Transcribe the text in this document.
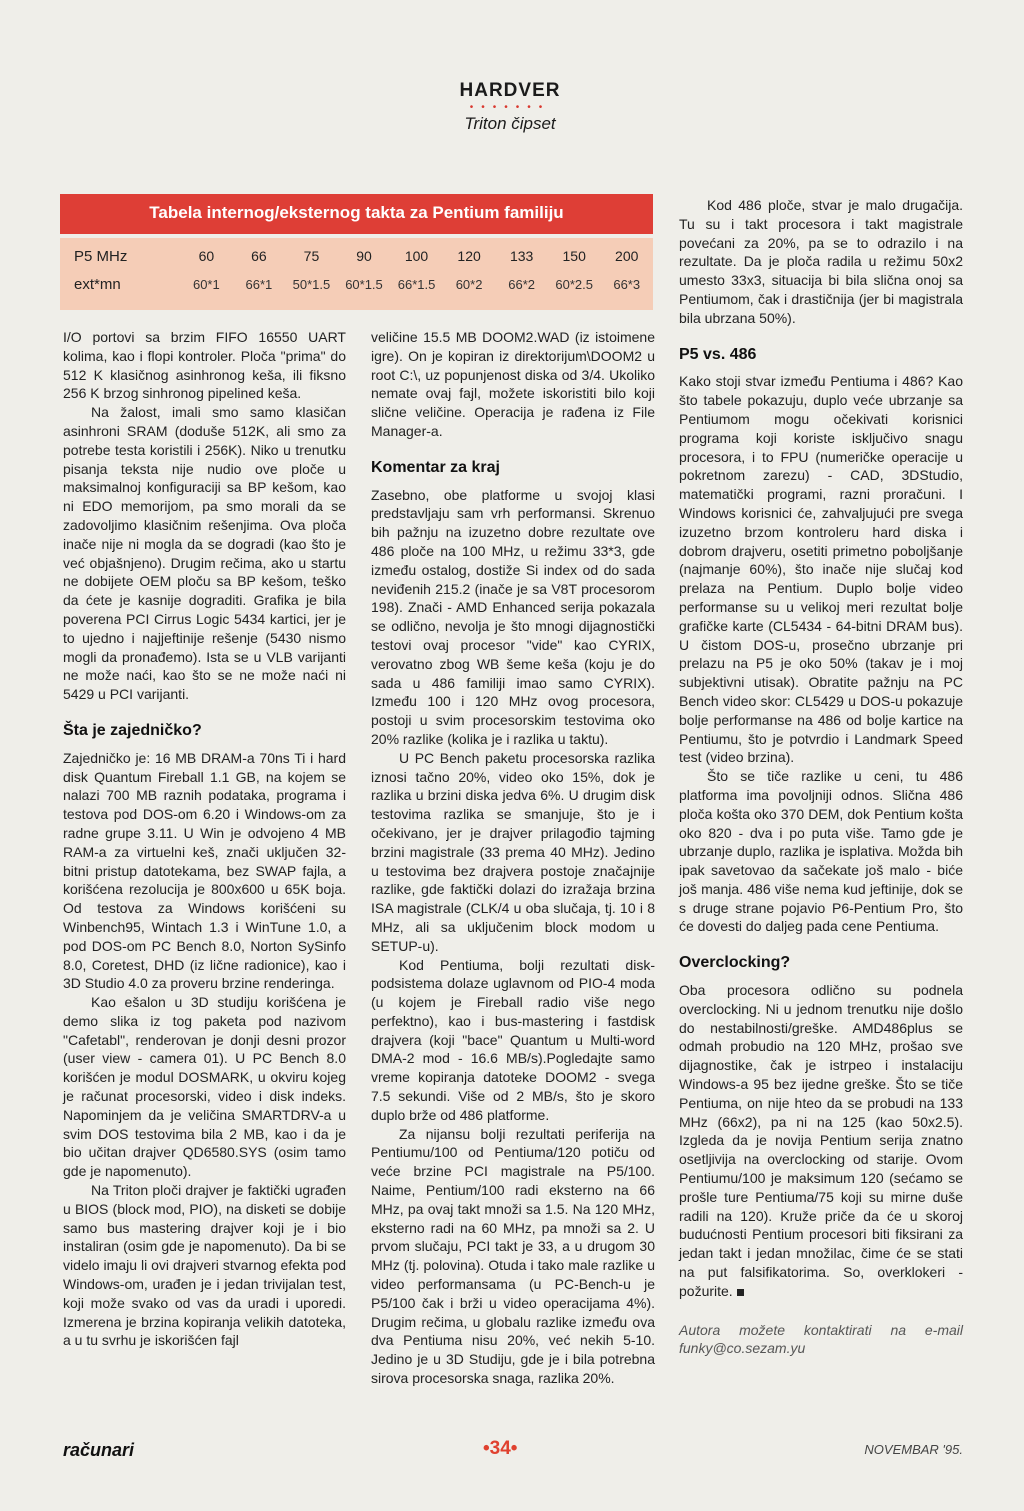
HARDVER
•••••••
Triton čipset
Tabela internog/eksternog takta za Pentium familiju
P5 MHz	60	66	75	90	100	120	133	150	200
ext*mn	60*1	66*1	50*1.5	60*1.5	66*1.5	60*2	66*2	60*2.5	66*3

I/O portovi sa brzim FIFO 16550 UART kolima, kao i flopi kontroler. Ploča "prima" do 512 K klasičnog asinhronog keša, ili fiksno 256 K brzog sinhronog pipelined keša.

Na žalost, imali smo samo klasičan asinhroni SRAM (doduše 512K, ali smo za potrebe testa koristili i 256K). Niko u trenutku pisanja teksta nije nudio ove ploče u maksimalnoj konfiguraciji sa BP kešom, kao ni EDO memorijom, pa smo morali da se zadovoljimo klasičnim rešenjima. Ova ploča inače nije ni mogla da se dogradi (kao što je već objašnjeno). Drugim rečima, ako u startu ne dobijete OEM ploču sa BP kešom, teško da ćete je kasnije dograditi. Grafika je bila poverena PCI Cirrus Logic 5434 kartici, jer je to ujedno i najjeftinije rešenje (5430 nismo mogli da pronađemo). Ista se u VLB varijanti ne može naći, kao što se ne može naći ni 5429 u PCI varijanti.

Šta je zajedničko?

Zajedničko je: 16 MB DRAM-a 70ns Ti i hard disk Quantum Fireball 1.1 GB, na kojem se nalazi 700 MB raznih podataka, programa i testova pod DOS-om 6.20 i Windows-om za radne grupe 3.11. U Win je odvojeno 4 MB RAM-a za virtuelni keš, znači uključen 32-bitni pristup datotekama, bez SWAP fajla, a korišćena rezolucija je 800x600 u 65K boja. Od testova za Windows korišćeni su Winbench95, Wintach 1.3 i WinTune 1.0, a pod DOS-om PC Bench 8.0, Norton SySinfo 8.0, Coretest, DHD (iz lične radionice), kao i 3D Studio 4.0 za proveru brzine renderinga.

Kao ešalon u 3D studiju korišćena je demo slika iz tog paketa pod nazivom "Cafetabl", renderovan je donji desni prozor (user view - camera 01). U PC Bench 8.0 korišćen je modul DOSMARK, u okviru kojeg je računat procesorski, video i disk indeks. Napominjem da je veličina SMARTDRV-a u svim DOS testovima bila 2 MB, kao i da je bio učitan drajver QD6580.SYS (osim tamo gde je napomenuto).

Na Triton ploči drajver je faktički ugrađen u BIOS (block mod, PIO), na disketi se dobije samo bus mastering drajver koji je i bio instaliran (osim gde je napomenuto). Da bi se videlo imaju li ovi drajveri stvarnog efekta pod Windows-om, urađen je i jedan trivijalan test, koji može svako od vas da uradi i uporedi. Izmerena je brzina kopiranja velikih datoteka, a u tu svrhu je iskorišćen fajl

veličine 15.5 MB DOOM2.WAD (iz istoimene igre). On je kopiran iz direktorijum\DOOM2 u root C:\, uz popunjenost diska od 3/4. Ukoliko nemate ovaj fajl, možete iskoristiti bilo koji slične veličine. Operacija je rađena iz File Manager-a.

Komentar za kraj

Zasebno, obe platforme u svojoj klasi predstavljaju sam vrh performansi. Skrenuo bih pažnju na izuzetno dobre rezultate ove 486 ploče na 100 MHz, u režimu 33*3, gde između ostalog, dostiže Si index od do sada neviđenih 215.2 (inače je sa V8T procesorom 198). Znači - AMD Enhanced serija pokazala se odlično, nevolja je što mnogi dijagnostički testovi ovaj procesor "vide" kao CYRIX, verovatno zbog WB šeme keša (koju je do sada u 486 familiji imao samo CYRIX). Između 100 i 120 MHz ovog procesora, postoji u svim procesorskim testovima oko 20% razlike (kolika je i razlika u taktu).

U PC Bench paketu procesorska razlika iznosi tačno 20%, video oko 15%, dok je razlika u brzini diska jedva 6%. U drugim disk testovima razlika se smanjuje, što je i očekivano, jer je drajver prilagođio tajming brzini magistrale (33 prema 40 MHz). Jedino u testovima bez drajvera postoje značajnije razlike, gde faktički dolazi do izražaja brzina ISA magistrale (CLK/4 u oba slučaja, tj. 10 i 8 MHz, ali sa uključenim block modom u SETUP-u).

Kod Pentiuma, bolji rezultati disk-podsistema dolaze uglavnom od PIO-4 moda (u kojem je Fireball radio više nego perfektno), kao i bus-mastering i fastdisk drajvera (koji "bace" Quantum u Multi-word DMA-2 mod - 16.6 MB/s).Pogledajte samo vreme kopiranja datoteke DOOM2 - svega 7.5 sekundi. Više od 2 MB/s, što je skoro duplo brže od 486 platforme.

Za nijansu bolji rezultati periferija na Pentiumu/100 od Pentiuma/120 potiču od veće brzine PCI magistrale na P5/100. Naime, Pentium/100 radi eksterno na 66 MHz, pa ovaj takt množi sa 1.5. Na 120 MHz, eksterno radi na 60 MHz, pa množi sa 2. U prvom slučaju, PCI takt je 33, a u drugom 30 MHz (tj. polovina). Otuda i tako male razlike u video performansama (u PC-Bench-u je P5/100 čak i brži u video operacijama 4%). Drugim rečima, u globalu razlike između ova dva Pentiuma nisu 20%, već nekih 5-10. Jedino je u 3D Studiju, gde je i bila potrebna sirova procesorska snaga, razlika 20%.

Kod 486 ploče, stvar je malo drugačija. Tu su i takt procesora i takt magistrale povećani za 20%, pa se to odrazilo i na rezultate. Da je ploča radila u režimu 50x2 umesto 33x3, situacija bi bila slična onoj sa Pentiumom, čak i drastičnija (jer bi magistrala bila ubrzana 50%).

P5 vs. 486

Kako stoji stvar između Pentiuma i 486? Kao što tabele pokazuju, duplo veće ubrzanje sa Pentiumom mogu očekivati korisnici programa koji koriste isključivo snagu procesora, i to FPU (numeričke operacije u pokretnom zarezu) - CAD, 3DStudio, matematički programi, razni proračuni. I Windows korisnici će, zahvaljujući pre svega izuzetno brzom kontroleru hard diska i dobrom drajveru, osetiti primetno poboljšanje (najmanje 60%), što inače nije slučaj kod prelaza na Pentium. Duplo bolje video performanse su u velikoj meri rezultat bolje grafičke karte (CL5434 - 64-bitni DRAM bus). U čistom DOS-u, prosečno ubrzanje pri prelazu na P5 je oko 50% (takav je i moj subjektivni utisak). Obratite pažnju na PC Bench video skor: CL5429 u DOS-u pokazuje bolje performanse na 486 od bolje kartice na Pentiumu, što je potvrdio i Landmark Speed test (video brzina).

Što se tiče razlike u ceni, tu 486 platforma ima povoljniji odnos. Slična 486 ploča košta oko 370 DEM, dok Pentium košta oko 820 - dva i po puta više. Tamo gde je ubrzanje duplo, razlika je isplativa. Možda bih ipak savetovao da sačekate još malo - biće još manja. 486 više nema kud jeftinije, dok se s druge strane pojavio P6-Pentium Pro, što će dovesti do daljeg pada cene Pentiuma.

Overclocking?

Oba procesora odlično su podnela overclocking. Ni u jednom trenutku nije došlo do nestabilnosti/greške. AMD486plus se odmah probudio na 120 MHz, prošao sve dijagnostike, čak je istrpeo i instalaciju Windows-a 95 bez ijedne greške. Što se tiče Pentiuma, on nije hteo da se probudi na 133 MHz (66x2), pa ni na 125 (kao 50x2.5). Izgleda da je novija Pentium serija znatno osetljivija na overclocking od starije. Ovom Pentiumu/100 je maksimum 120 (sećamo se prošle ture Pentiuma/75 koji su mirne duše radili na 120). Kruže priče da će u skorој budućnosti Pentium procesori biti fiksirani za jedan takt i jedan množilac, čime će se stati na put falsifikatorima. So, overklokeri - požurite.

Autora možete kontaktirati na e-mail funky@co.sezam.yu

računari	•34•	NOVEMBAR '95.
